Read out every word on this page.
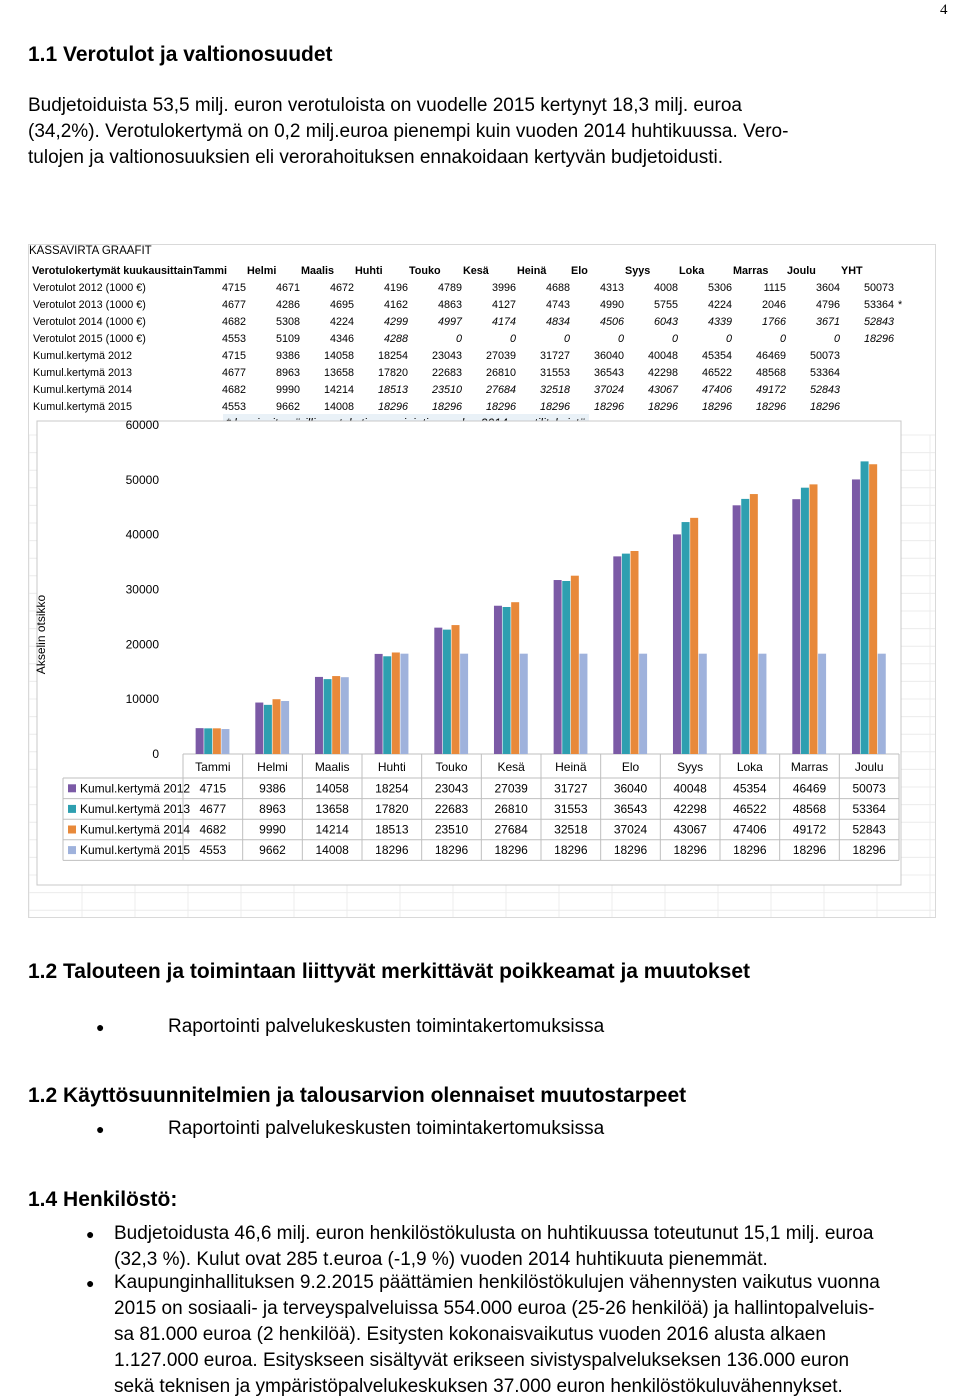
4
1.1 Verotulot ja valtionosuudet
Budjetoiduista 53,5 milj. euron verotuloista on vuodelle 2015 kertynyt 18,3 milj. euroa
(34,2%). Verotulokertymä on 0,2 milj.euroa pienempi kuin vuoden 2014 huhtikuussa. Vero-
tulojen ja valtionosuuksien eli verorahoituksen ennakoidaan kertyvän budjetoidusti.
KASSAVIRTA GRAAFIT
Verotulokertymät kuukausittain	Tammi	Helmi	Maalis	Huhti	Touko	Kesä	Heinä	Elo	Syys	Loka	Marras	Joulu	YHT	
Verotulot 2012 (1000 €)	4715	4671	4672	4196	4789	3996	4688	4313	4008	5306	1115	3604	50073	
Verotulot 2013 (1000 €)	4677	4286	4695	4162	4863	4127	4743	4990	5755	4224	2046	4796	53364	*
Verotulot 2014 (1000 €)	4682	5308	4224	4299	4997	4174	4834	4506	6043	4339	1766	3671	52843	
Verotulot 2015 (1000 €)	4553	5109	4346	4288	0	0	0	0	0	0	0	0	18296	
Kumul.kertymä 2012	4715	9386	14058	18254	23043	27039	31727	36040	40048	45354	46469	50073		
Kumul.kertymä 2013	4677	8963	13658	17820	22683	26810	31553	36543	42298	46522	48568	53364		
Kumul.kertymä 2014	4682	9990	14214	18513	23510	27684	32518	37024	43067	47406	49172	52843		
Kumul.kertymä 2015	4553	9662	14008	18296	18296	18296	18296	18296	18296	18296	18296	18296		
0
10000
20000
30000
40000
50000
60000
Akselin otsikko
Tammi Helmi Maalis Huhti Touko Kesä	Heinä	Elo	Syys	Loka Marras Joulu
Kumul.kertymä 2012 4715	9386 14058 18254 23043 27039 31727 36040 40048 45354 46469 50073
Kumul.kertymä 2013 4677	8963 13658 17820 22683 26810 31553 36543 42298 46522 48568 53364
Kumul.kertymä 2014 4682	9990 14214 18513 23510 27684 32518 37024 43067 47406 49172 52843
Kumul.kertymä 2015 4553	9662 14008 18296 18296 18296 18296 18296 18296 18296 18296 18296
1.2 Talouteen ja toimintaan liittyvät merkittävät poikkeamat ja muutokset
●	Raportointi palvelukeskusten toimintakertomuksissa
1.2 Käyttösuunnitelmien ja talousarvion olennaiset muutostarpeet
●	Raportointi palvelukeskusten toimintakertomuksissa
1.4 Henkilöstö:
● Budjetoidusta 46,6 milj. euron henkilöstökulusta on huhtikuussa toteutunut 15,1 milj. euroa
(32,3 %). Kulut ovat 285 t.euroa (-1,9 %) vuoden 2014 huhtikuuta pienemmät.
● Kaupunginhallituksen 9.2.2015 päättämien henkilöstökulujen vähennysten vaikutus vuonna
2015 on sosiaali- ja terveyspalveluissa 554.000 euroa (25-26 henkilöä) ja hallintopalveluis-
sa 81.000 euroa (2 henkilöä). Esitysten kokonaisvaikutus vuoden 2016 alusta alkaen
1.127.000 euroa. Esityskseen sisältyvät erikseen sivistyspalvelukseksen 136.000 euron
sekä teknisen ja ympäristöpalvelukeskuksen 37.000 euron henkilöstökuluvähennykset.
